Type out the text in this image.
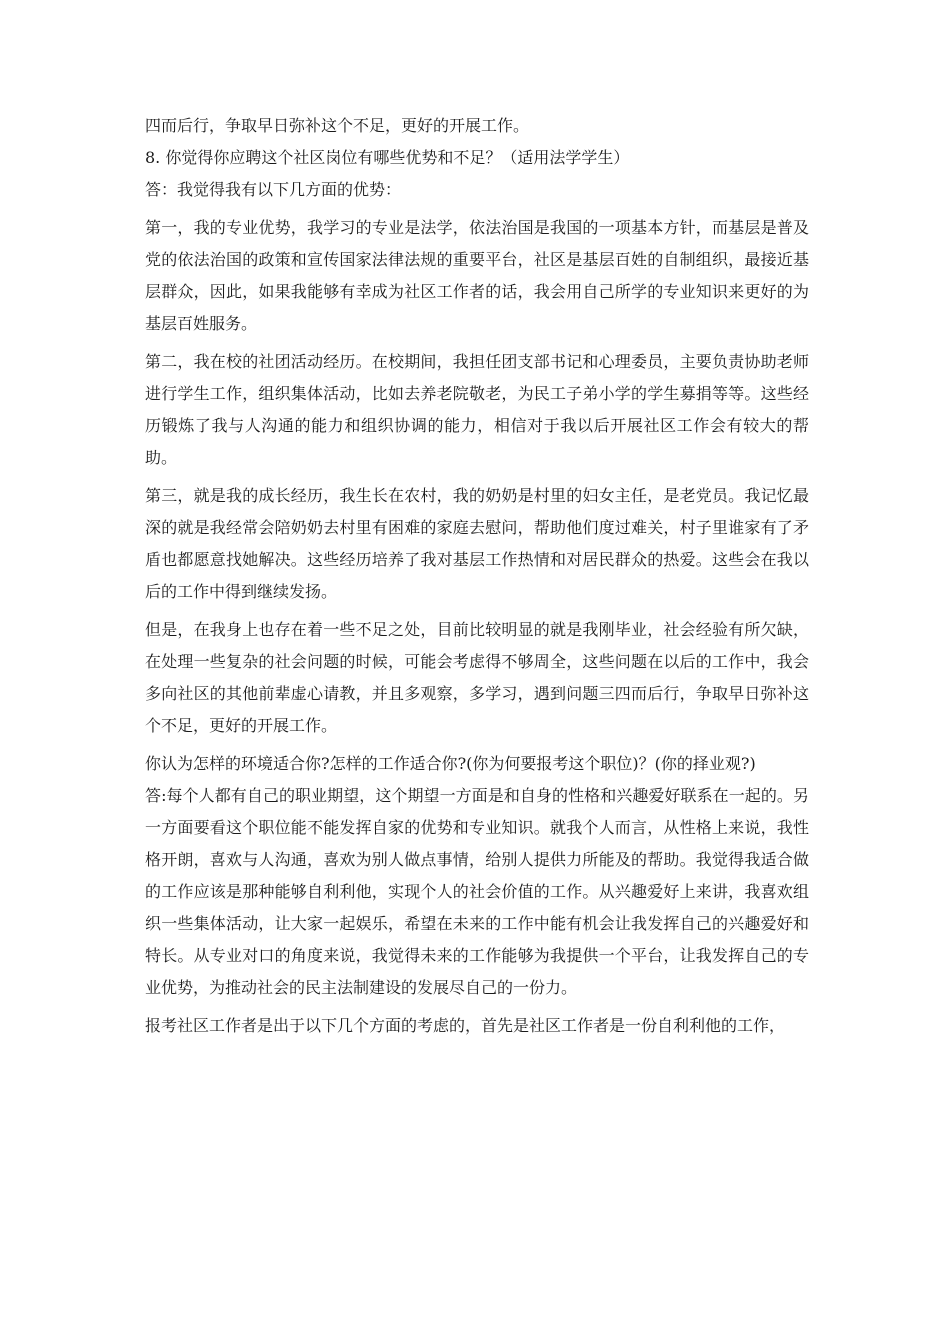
四而后行，争取早日弥补这个不足，更好的开展工作。

8. 你觉得你应聘这个社区岗位有哪些优势和不足？（适用法学学生）

答：我觉得我有以下几方面的优势：

第一，我的专业优势，我学习的专业是法学，依法治国是我国的一项基本方针，而基层是普及党的依法治国的政策和宣传国家法律法规的重要平台，社区是基层百姓的自制组织，最接近基层群众，因此，如果我能够有幸成为社区工作者的话，我会用自己所学的专业知识来更好的为基层百姓服务。

第二，我在校的社团活动经历。在校期间，我担任团支部书记和心理委员，主要负责协助老师进行学生工作，组织集体活动，比如去养老院敬老，为民工子弟小学的学生募捐等等。这些经历锻炼了我与人沟通的能力和组织协调的能力，相信对于我以后开展社区工作会有较大的帮助。

第三，就是我的成长经历，我生长在农村，我的奶奶是村里的妇女主任，是老党员。我记忆最深的就是我经常会陪奶奶去村里有困难的家庭去慰问，帮助他们度过难关，村子里谁家有了矛盾也都愿意找她解决。这些经历培养了我对基层工作热情和对居民群众的热爱。这些会在我以后的工作中得到继续发扬。

但是，在我身上也存在着一些不足之处，目前比较明显的就是我刚毕业，社会经验有所欠缺，在处理一些复杂的社会问题的时候，可能会考虑得不够周全，这些问题在以后的工作中，我会多向社区的其他前辈虚心请教，并且多观察，多学习，遇到问题三四而后行，争取早日弥补这个不足，更好的开展工作。

你认为怎样的环境适合你?怎样的工作适合你?(你为何要报考这个职位)？(你的择业观?)

答:每个人都有自己的职业期望，这个期望一方面是和自身的性格和兴趣爱好联系在一起的。另一方面要看这个职位能不能发挥自家的优势和专业知识。就我个人而言，从性格上来说，我性格开朗，喜欢与人沟通，喜欢为别人做点事情，给别人提供力所能及的帮助。我觉得我适合做的工作应该是那种能够自利利他，实现个人的社会价值的工作。从兴趣爱好上来讲，我喜欢组织一些集体活动，让大家一起娱乐，希望在未来的工作中能有机会让我发挥自己的兴趣爱好和特长。从专业对口的角度来说，我觉得未来的工作能够为我提供一个平台，让我发挥自己的专业优势，为推动社会的民主法制建设的发展尽自己的一份力。

报考社区工作者是出于以下几个方面的考虑的，首先是社区工作者是一份自利利他的工作，
